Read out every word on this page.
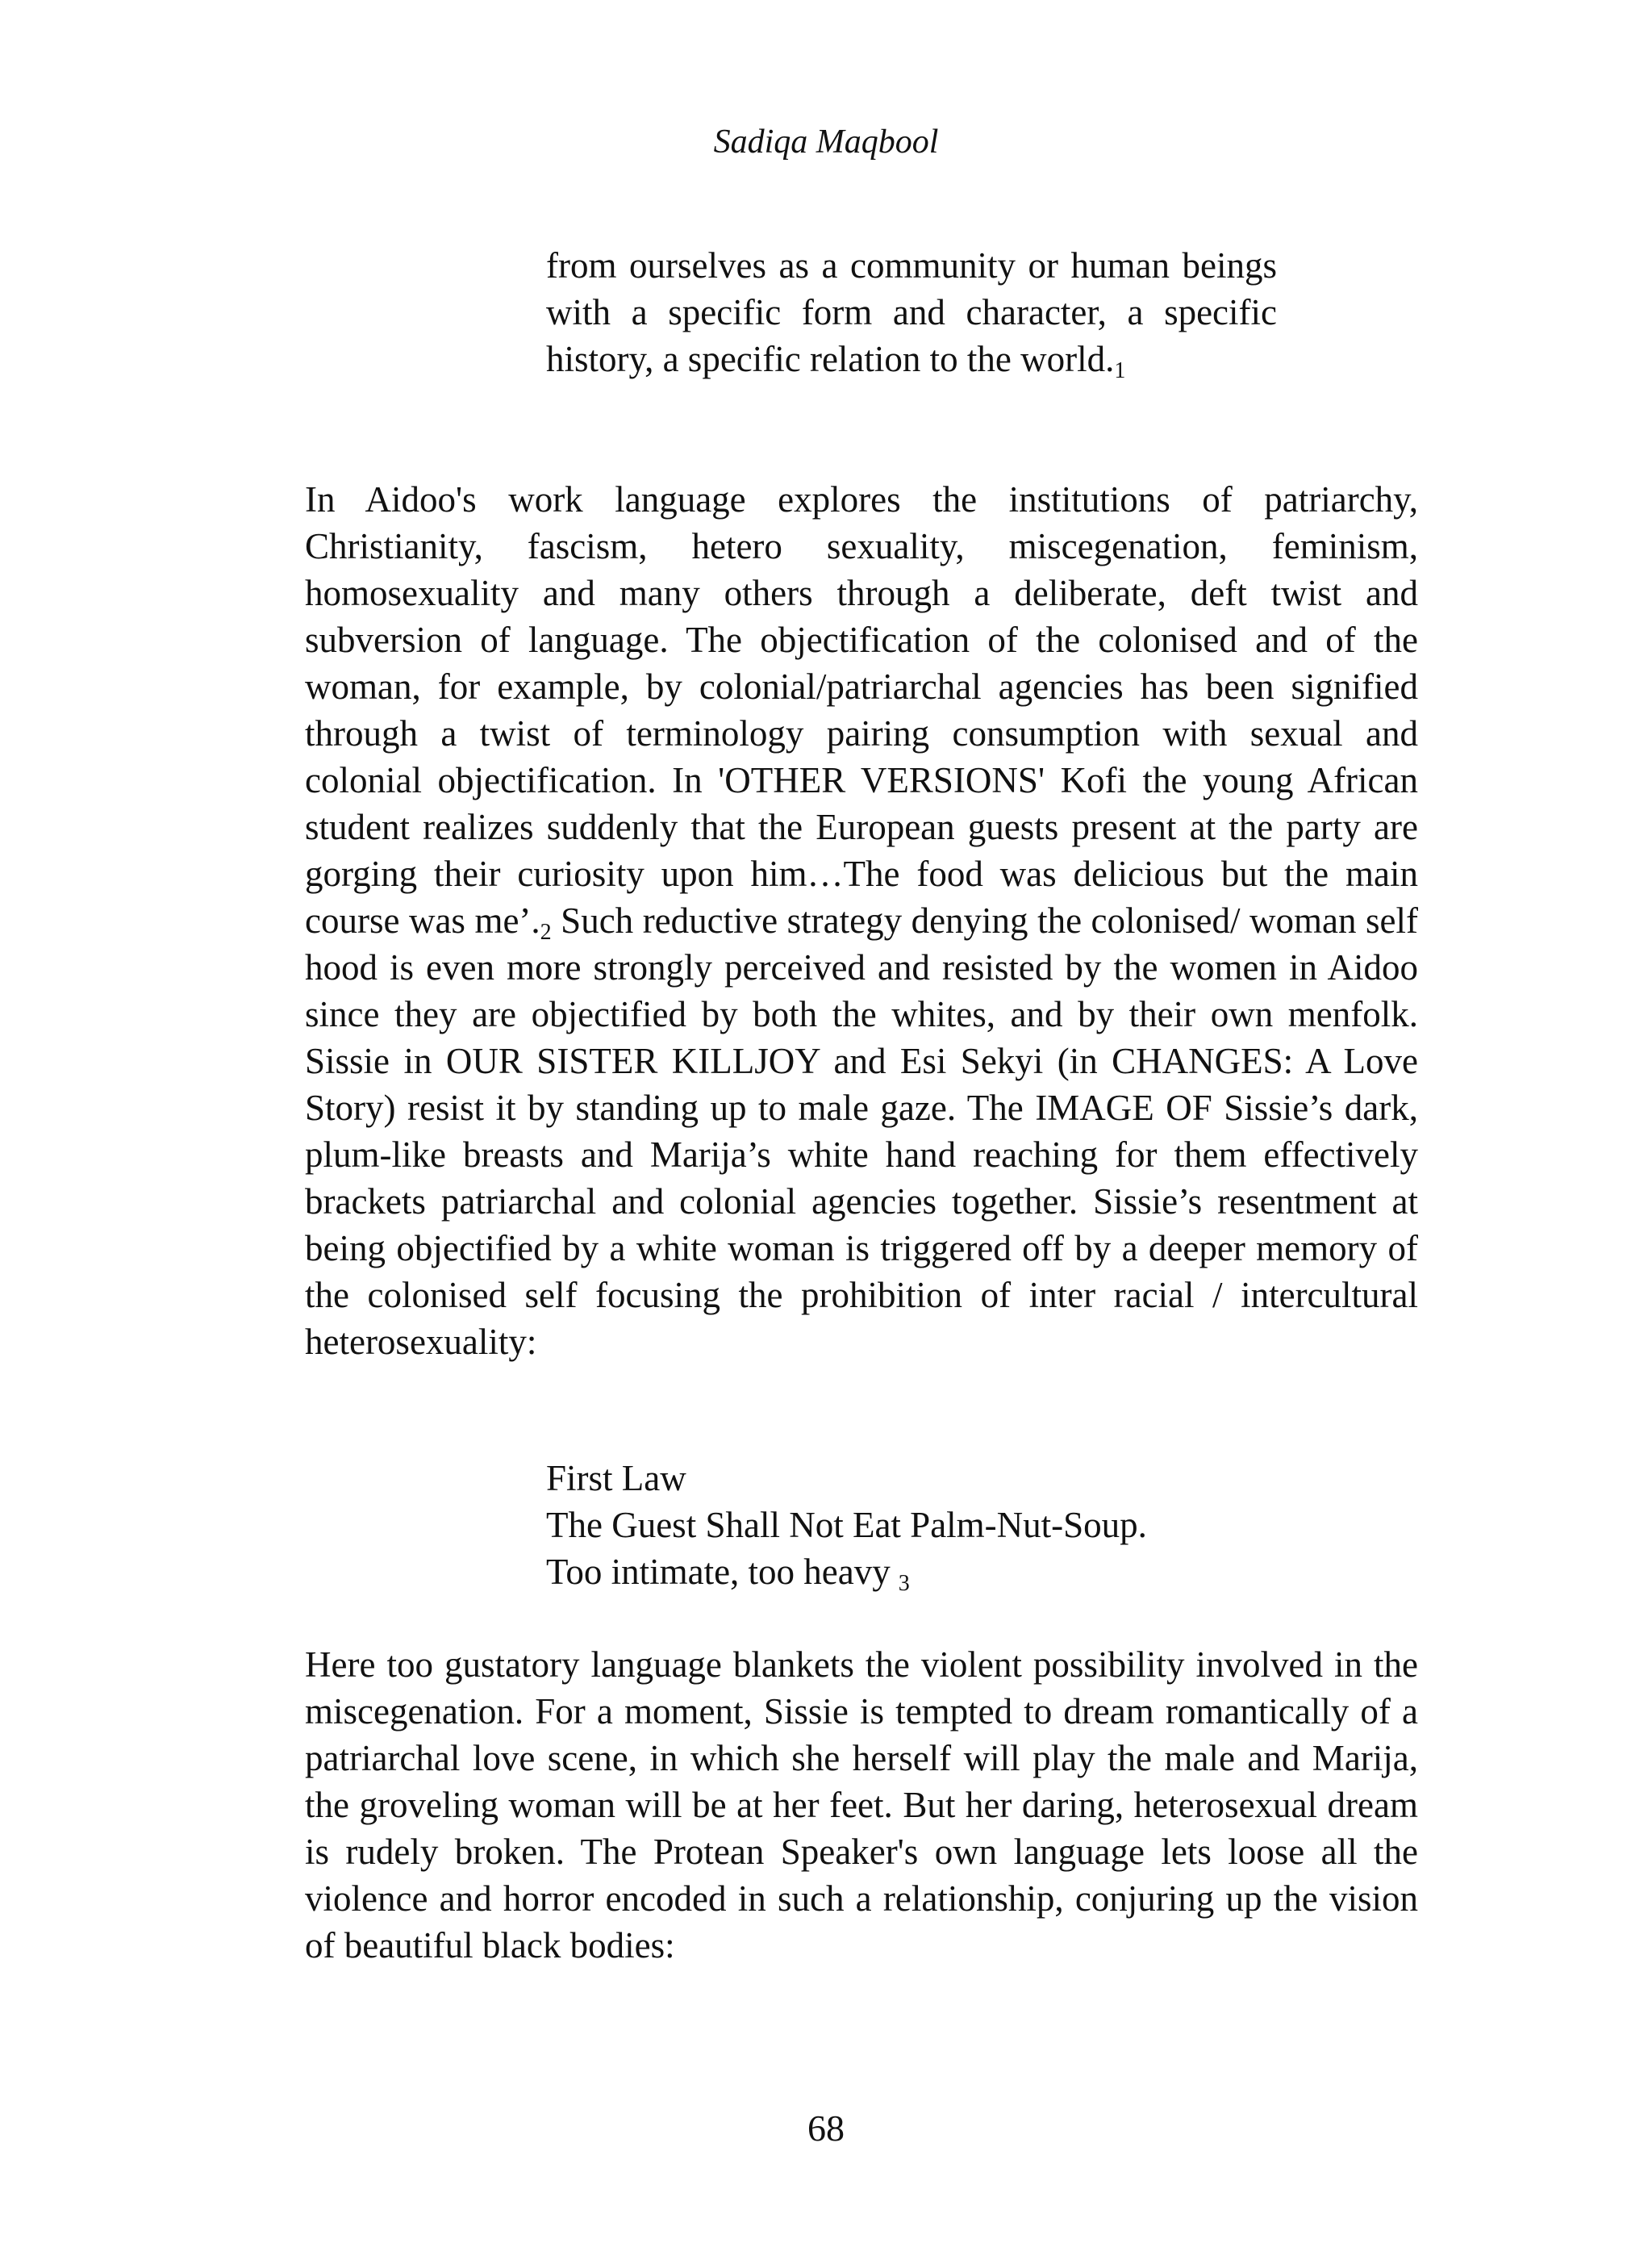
Sadiqa Maqbool
from ourselves as a community or human beings with a specific form and character, a specific history, a specific relation to the world.1

In Aidoo's work language explores the institutions of patriarchy, Christianity, fascism, hetero sexuality, miscegenation, feminism, homosexuality and many others through a deliberate, deft twist and subversion of language. The objectification of the colonised and of the woman, for example, by colonial/patriarchal agencies has been signified through a twist of terminology pairing consumption with sexual and colonial objectification. In 'OTHER VERSIONS' Kofi the young African student realizes suddenly that the European guests present at the party are gorging their curiosity upon him…The food was delicious but the main course was me’.2 Such reductive strategy denying the colonised/ woman self hood is even more strongly perceived and resisted by the women in Aidoo since they are objectified by both the whites, and by their own menfolk. Sissie in OUR SISTER KILLJOY and Esi Sekyi (in CHANGES: A Love Story) resist it by standing up to male gaze. The IMAGE OF Sissie’s dark, plum-like breasts and Marija’s white hand reaching for them effectively brackets patriarchal and colonial agencies together. Sissie’s resentment at being objectified by a white woman is triggered off by a deeper memory of the colonised self focusing the prohibition of inter racial / intercultural heterosexuality:

First Law
The Guest Shall Not Eat Palm-Nut-Soup.
Too intimate, too heavy 3

Here too gustatory language blankets the violent possibility involved in the miscegenation. For a moment, Sissie is tempted to dream romantically of a patriarchal love scene, in which she herself will play the male and Marija, the groveling woman will be at her feet. But her daring, heterosexual dream is rudely broken. The Protean Speaker's own language lets loose all the violence and horror encoded in such a relationship, conjuring up the vision of beautiful black bodies:

68
